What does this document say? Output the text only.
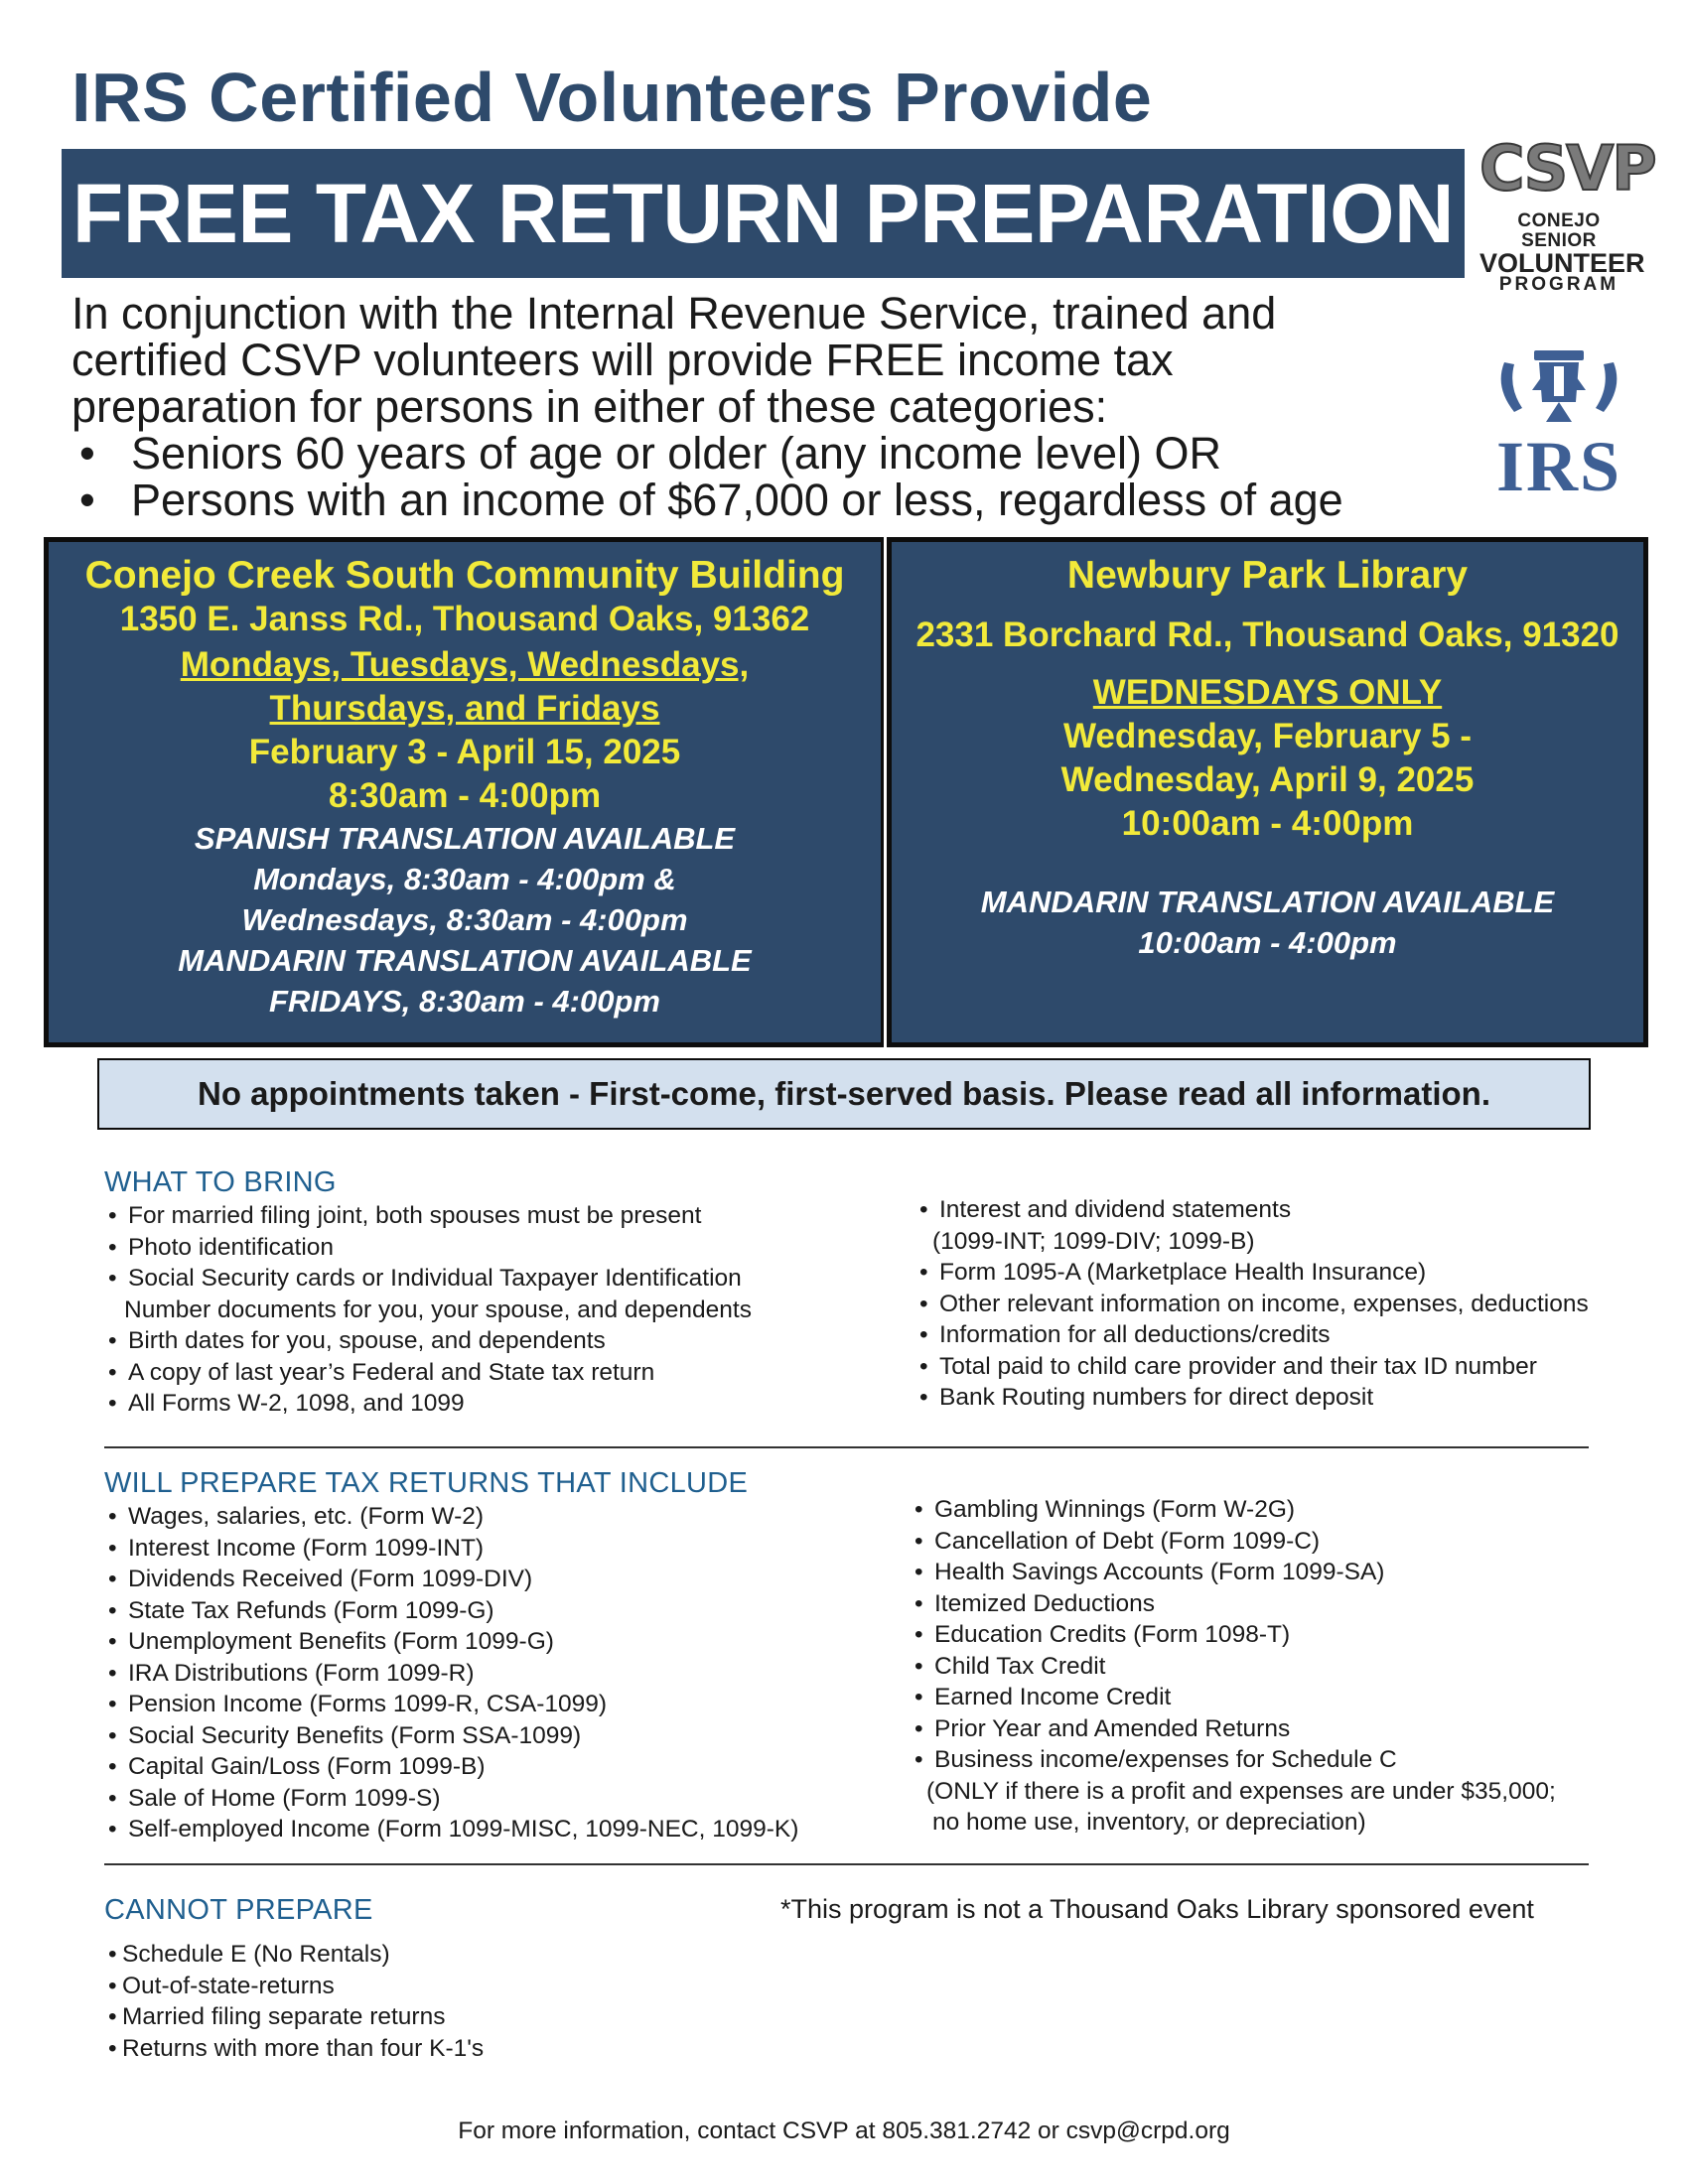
IRS Certified Volunteers Provide
FREE TAX RETURN PREPARATION CSVP
CONEJO SENIOR
VOLUNTEER
PROGRAM
IRS
In conjunction with the Internal Revenue Service, trained and
certified CSVP volunteers will provide FREE income tax
preparation for persons in either of these categories:
• Seniors 60 years of age or older (any income level) OR
• Persons with an income of $67,000 or less, regardless of age
Conejo Creek South Community Building
1350 E. Janss Rd., Thousand Oaks, 91362
Mondays, Tuesdays, Wednesdays,
Thursdays, and Fridays
February 3 - April 15, 2025
8:30am - 4:00pm
SPANISH TRANSLATION AVAILABLE
Mondays, 8:30am - 4:00pm &
Wednesdays, 8:30am - 4:00pm
MANDARIN TRANSLATION AVAILABLE
FRIDAYS, 8:30am - 4:00pm
Newbury Park Library
2331 Borchard Rd., Thousand Oaks, 91320
WEDNESDAYS ONLY
Wednesday, February 5 -
Wednesday, April 9, 2025
10:00am - 4:00pm
MANDARIN TRANSLATION AVAILABLE
10:00am - 4:00pm
No appointments taken - First-come, first-served basis. Please read all information.
WHAT TO BRING
• For married filing joint, both spouses must be present
• Photo identification
• Social Security cards or Individual Taxpayer Identification
Number documents for you, your spouse, and dependents
• Birth dates for you, spouse, and dependents
• A copy of last year’s Federal and State tax return
• All Forms W-2, 1098, and 1099
• Interest and dividend statements
(1099-INT; 1099-DIV; 1099-B)
• Form 1095-A (Marketplace Health Insurance)
• Other relevant information on income, expenses, deductions
• Information for all deductions/credits
• Total paid to child care provider and their tax ID number
• Bank Routing numbers for direct deposit
WILL PREPARE TAX RETURNS THAT INCLUDE
• Wages, salaries, etc. (Form W-2)
• Interest Income (Form 1099-INT)
• Dividends Received (Form 1099-DIV)
• State Tax Refunds (Form 1099-G)
• Unemployment Benefits (Form 1099-G)
• IRA Distributions (Form 1099-R)
• Pension Income (Forms 1099-R, CSA-1099)
• Social Security Benefits (Form SSA-1099)
• Capital Gain/Loss (Form 1099-B)
• Sale of Home (Form 1099-S)
• Self-employed Income (Form 1099-MISC, 1099-NEC, 1099-K)
• Gambling Winnings (Form W-2G)
• Cancellation of Debt (Form 1099-C)
• Health Savings Accounts (Form 1099-SA)
• Itemized Deductions
• Education Credits (Form 1098-T)
• Child Tax Credit
• Earned Income Credit
• Prior Year and Amended Returns
• Business income/expenses for Schedule C
(ONLY if there is a profit and expenses are under $35,000;
no home use, inventory, or depreciation)
CANNOT PREPARE
• Schedule E (No Rentals)
• Out-of-state-returns
• Married filing separate returns
• Returns with more than four K-1's
*This program is not a Thousand Oaks Library sponsored event
For more information, contact CSVP at 805.381.2742 or csvp@crpd.org
